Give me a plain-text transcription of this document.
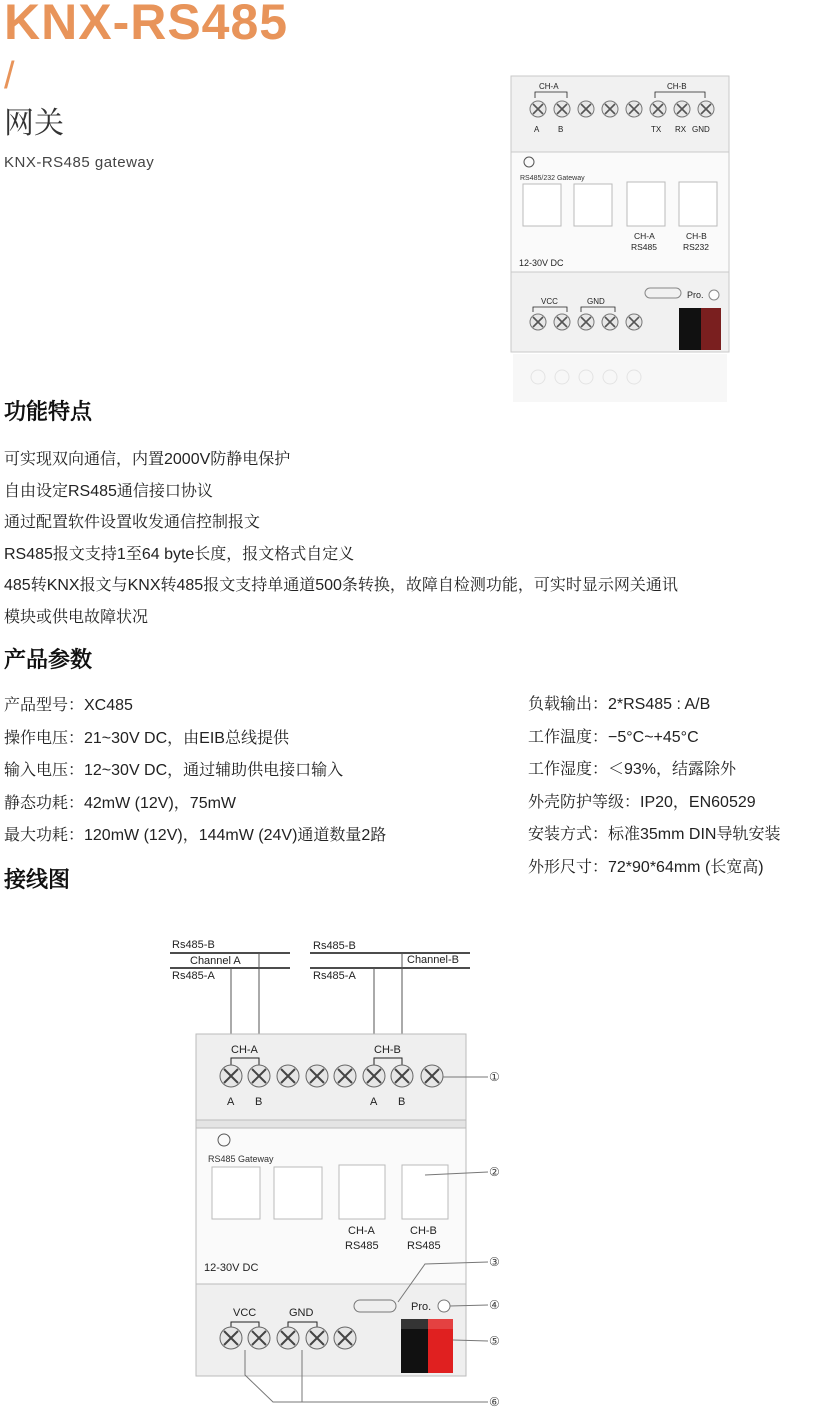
KNX-RS485
/
网关
KNX-RS485 gateway
CH-A	CH-B
A B	TX RX GND
RS485/232 Gateway
CH-A
RS485
CH-B
RS232
12-30V DC
VCC	GND
Pro.
功能特点
可实现双向通信，内置2000V防静电保护
自由设定RS485通信接口协议
通过配置软件设置收发通信控制报文
RS485报文支持1至64 byte长度，报文格式自定义
485转KNX报文与KNX转485报文支持单通道500条转换，故障自检测功能，可实时显示网关通讯
模块或供电故障状况
产品参数
产品型号：XC485
操作电压：21~30V DC，由EIB总线提供
输入电压：12~30V DC，通过辅助供电接口输入
静态功耗：42mW (12V)，75mW
最大功耗：120mW (12V)，144mW (24V)通道数量2路
负载输出：2*RS485 : A/B
工作温度：−5°C~+45°C
工作湿度：＜93%，结露除外
外壳防护等级：IP20，EN60529
安装方式：标准35mm DIN导轨安装
外形尺寸：72*90*64mm (长宽高)
接线图
Rs485-B
Channel A
Rs485-A
Rs485-B
Channel-B
Rs485-A
CH-A	CH-B
A B	A B
RS485 Gateway
CH-A
RS485
CH-B
RS485
12-30V DC
Pro.
VCC	GND
①
②
③
④
⑤
⑥
